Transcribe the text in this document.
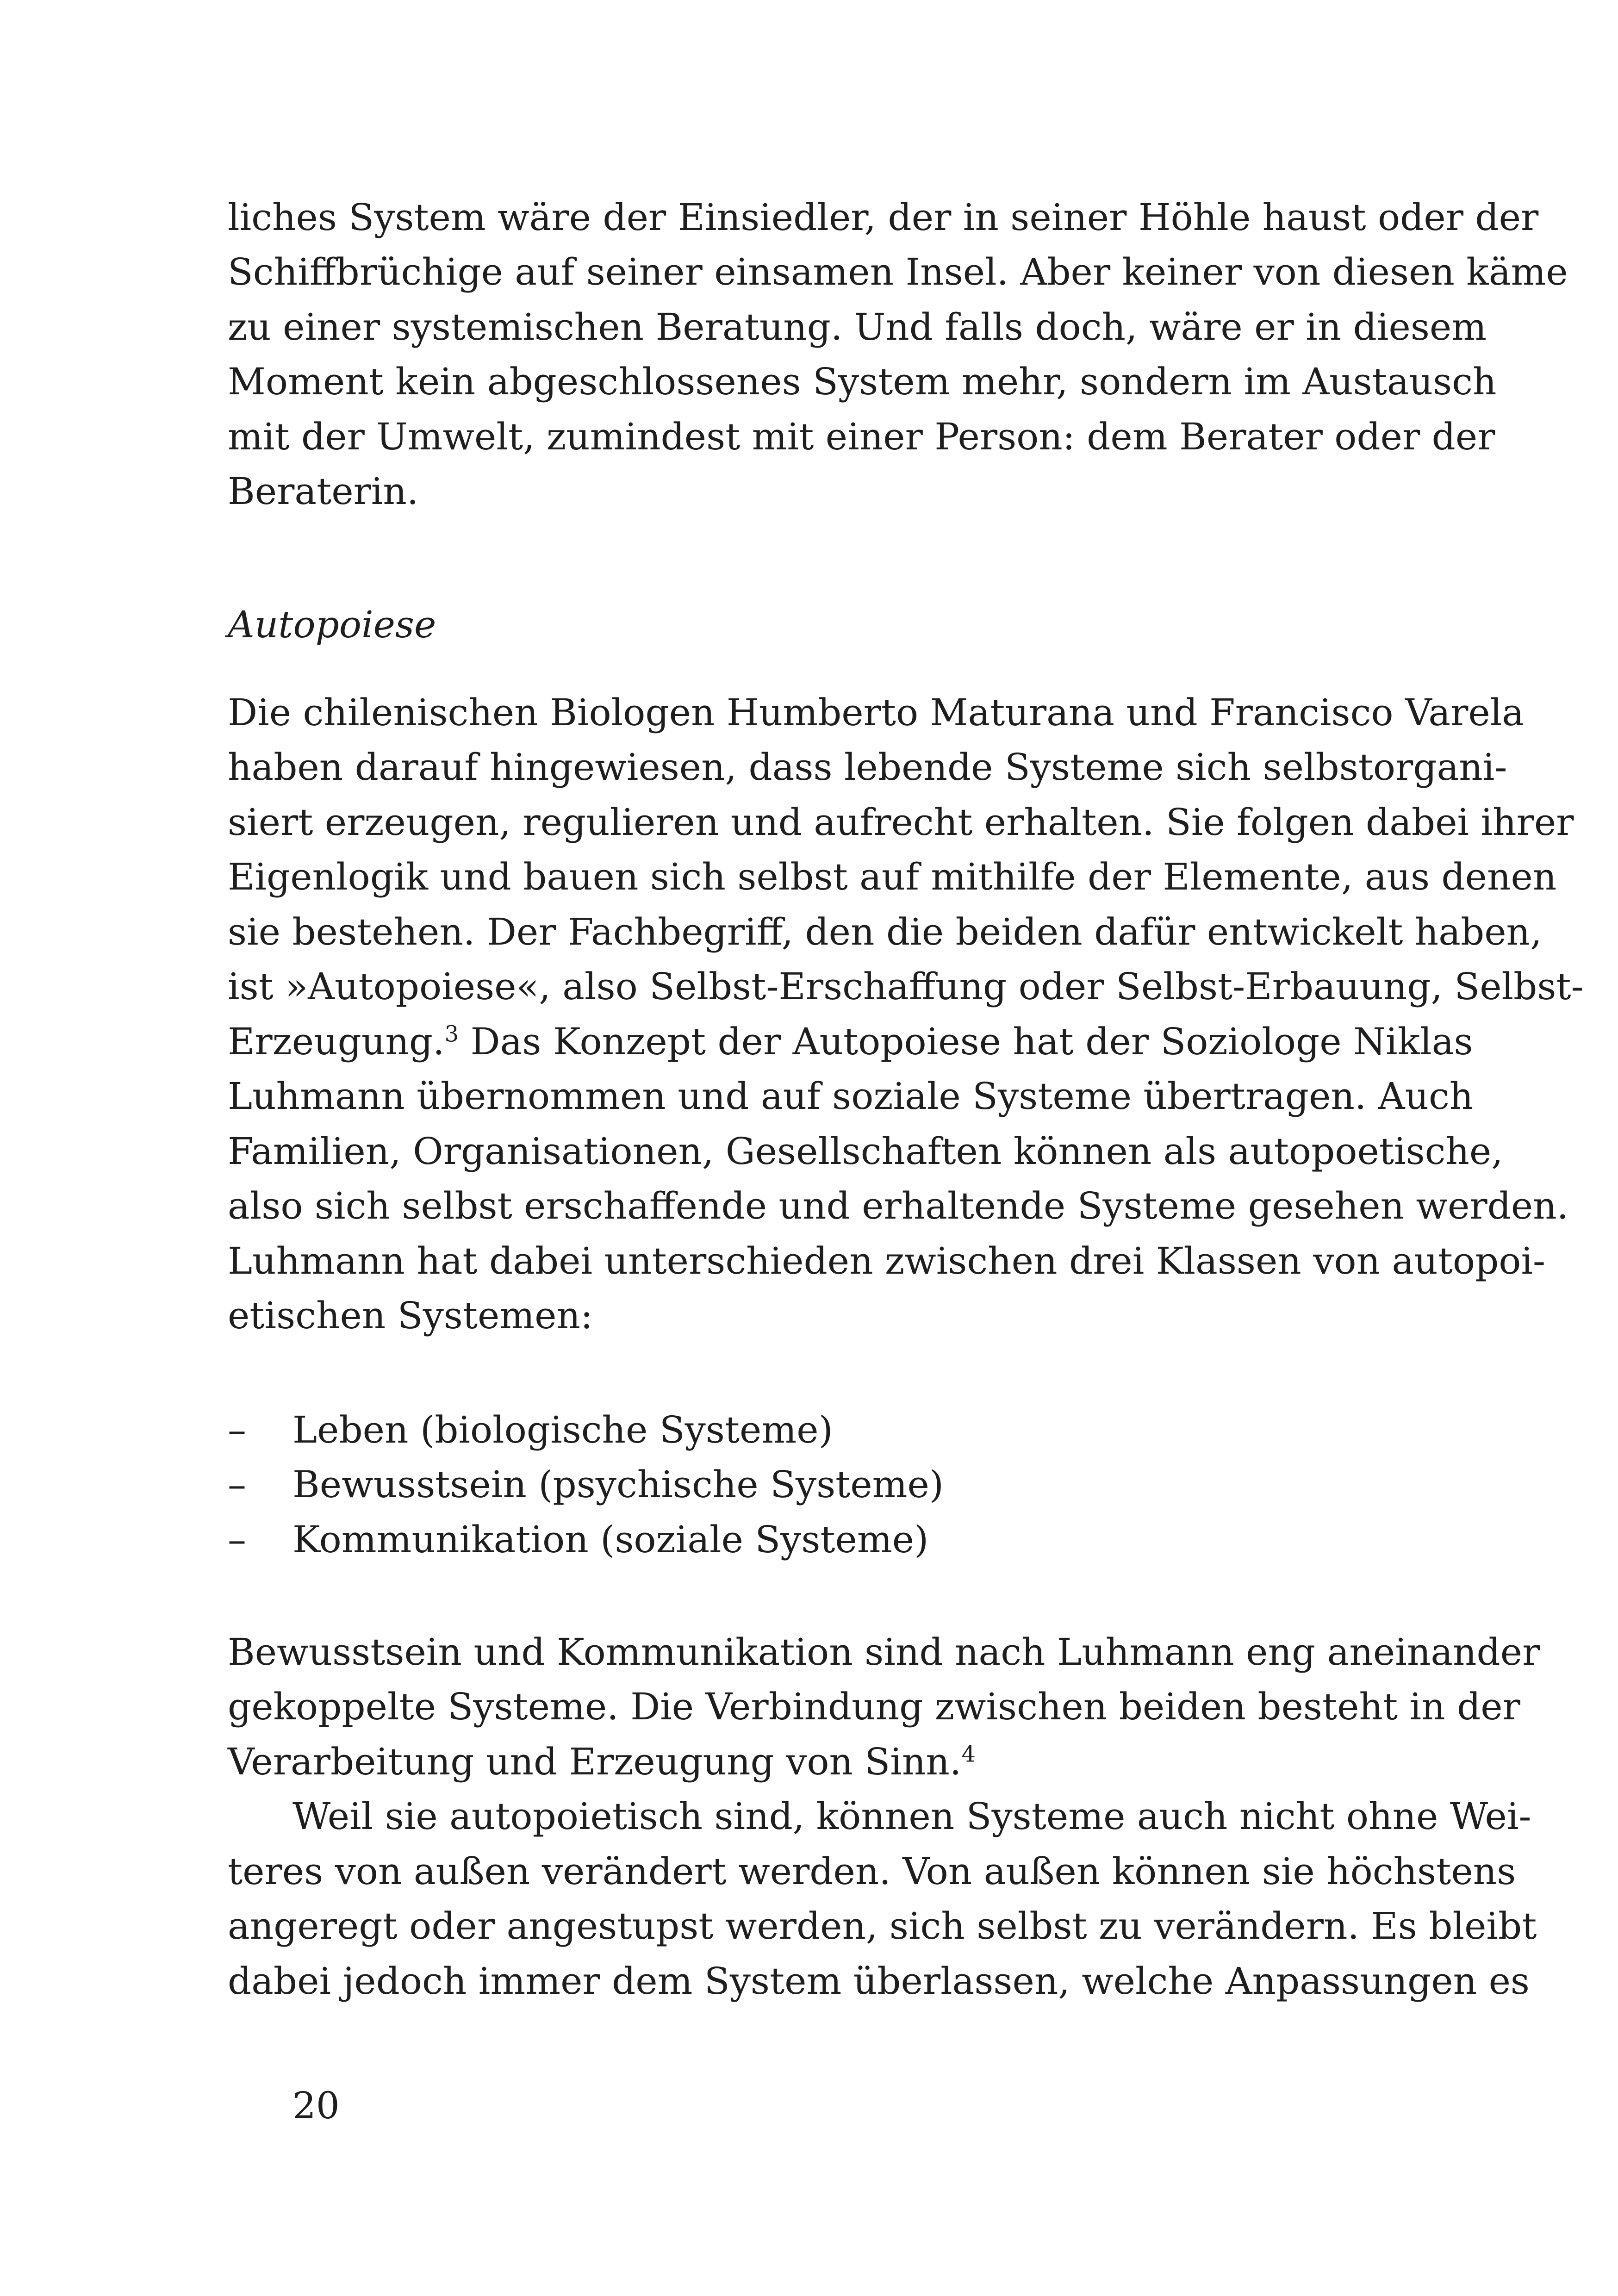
liches System wäre der Einsiedler, der in seiner Höhle haust oder der
Schiffbrüchige auf seiner einsamen Insel. Aber keiner von diesen käme
zu einer systemischen Beratung. Und falls doch, wäre er in diesem
Moment kein abgeschlossenes System mehr, sondern im Austausch
mit der Umwelt, zumindest mit einer Person: dem Berater oder der
Beraterin.
Autopoiese
Die chilenischen Biologen Humberto Maturana und Francisco Varela
haben darauf hingewiesen, dass lebende Systeme sich selbstorgani-
siert erzeugen, regulieren und aufrecht erhalten. Sie folgen dabei ihrer
Eigenlogik und bauen sich selbst auf mithilfe der Elemente, aus denen
sie bestehen. Der Fachbegriff, den die beiden dafür entwickelt haben,
ist »Autopoiese«, also Selbst-Erschaffung oder Selbst-Erbauung, Selbst-
Erzeugung.$^3$ Das Konzept der Autopoiese hat der Soziologe Niklas
Luhmann übernommen und auf soziale Systeme übertragen. Auch
Familien, Organisationen, Gesellschaften können als autopoetische,
also sich selbst erschaffende und erhaltende Systeme gesehen werden.
Luhmann hat dabei unterschieden zwischen drei Klassen von autopoi-
etischen Systemen:
– Leben (biologische Systeme)
– Bewusstsein (psychische Systeme)
– Kommunikation (soziale Systeme)
Bewusstsein und Kommunikation sind nach Luhmann eng aneinander
gekoppelte Systeme. Die Verbindung zwischen beiden besteht in der
Verarbeitung und Erzeugung von Sinn.$^4$
Weil sie autopoietisch sind, können Systeme auch nicht ohne Wei-
teres von außen verändert werden. Von außen können sie höchstens
angeregt oder angestupst werden, sich selbst zu verändern. Es bleibt
dabei jedoch immer dem System überlassen, welche Anpassungen es
20
